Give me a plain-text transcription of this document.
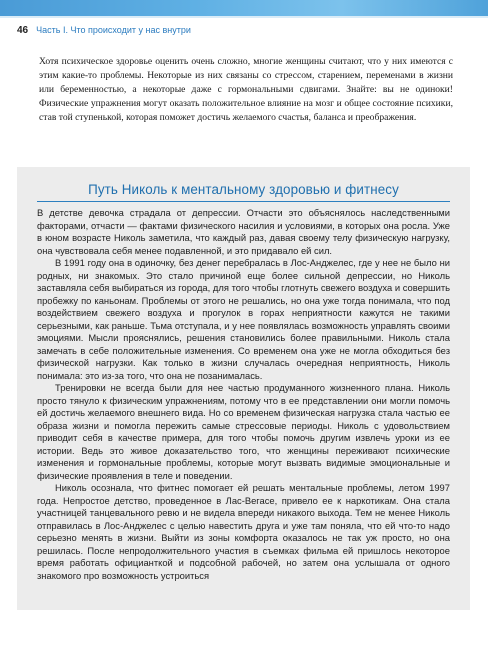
46 Часть I. Что происходит у нас внутри

Хотя психическое здоровье оценить очень сложно, многие женщины считают, что у них имеются с этим какие-то проблемы. Некоторые из них связаны со стрессом, старением, переменами в жизни или беременностью, а некоторые даже с гормональными сдвигами. Знайте: вы не одиноки! Физические упражнения могут оказать положительное влияние на мозг и общее состояние психики, став той ступенькой, которая поможет достичь желаемого счастья, баланса и преображения.

Путь Николь к ментальному здоровью и фитнесу

В детстве девочка страдала от депрессии. Отчасти это объяснялось наследственными факторами, отчасти — фактами физического насилия и условиями, в которых она росла. Уже в юном возрасте Николь заметила, что каждый раз, давая своему телу физическую нагрузку, она чувствовала себя менее подавленной, и это придавало ей сил.

В 1991 году она в одиночку, без денег перебралась в Лос-Анджелес, где у нее не было ни родных, ни знакомых. Это стало причиной еще более сильной депрессии, но Николь заставляла себя выбираться из города, для того чтобы глотнуть свежего воздуха и совершить пробежку по каньонам. Проблемы от этого не решались, но она уже тогда понимала, что под воздействием свежего воздуха и прогулок в горах неприятности кажутся не такими серьезными, как раньше. Тьма отступала, и у нее появлялась возможность управлять своими эмоциями. Мысли прояснялись, решения становились более правильными. Николь стала замечать в себе положительные изменения. Со временем она уже не могла обходиться без физической нагрузки. Как только в жизни случалась очередная неприятность, Николь понимала: это из-за того, что она не позанималась.

Тренировки не всегда были для нее частью продуманного жизненного плана. Николь просто тянуло к физическим упражнениям, потому что в ее представлении они могли помочь ей достичь желаемого внешнего вида. Но со временем физическая нагрузка стала частью ее образа жизни и помогла пережить самые стрессовые периоды. Николь с удовольствием приводит себя в качестве примера, для того чтобы помочь другим извлечь уроки из ее истории. Ведь это живое доказательство того, что женщины переживают психические изменения и гормональные проблемы, которые могут вызвать видимые эмоциональные и физические проявления в теле и поведении.

Николь осознала, что фитнес помогает ей решать ментальные проблемы, летом 1997 года. Непростое детство, проведенное в Лас-Вегасе, привело ее к наркотикам. Она стала участницей танцевального ревю и не видела впереди никакого выхода. Тем не менее Николь отправилась в Лос-Анджелес с целью навестить друга и уже там поняла, что ей что-то надо серьезно менять в жизни. Выйти из зоны комфорта оказалось не так уж просто, но она решилась. После непродолжительного участия в съемках фильма ей пришлось некоторое время работать официанткой и подсобной рабочей, но затем она услышала от одного знакомого про возможность устроиться
